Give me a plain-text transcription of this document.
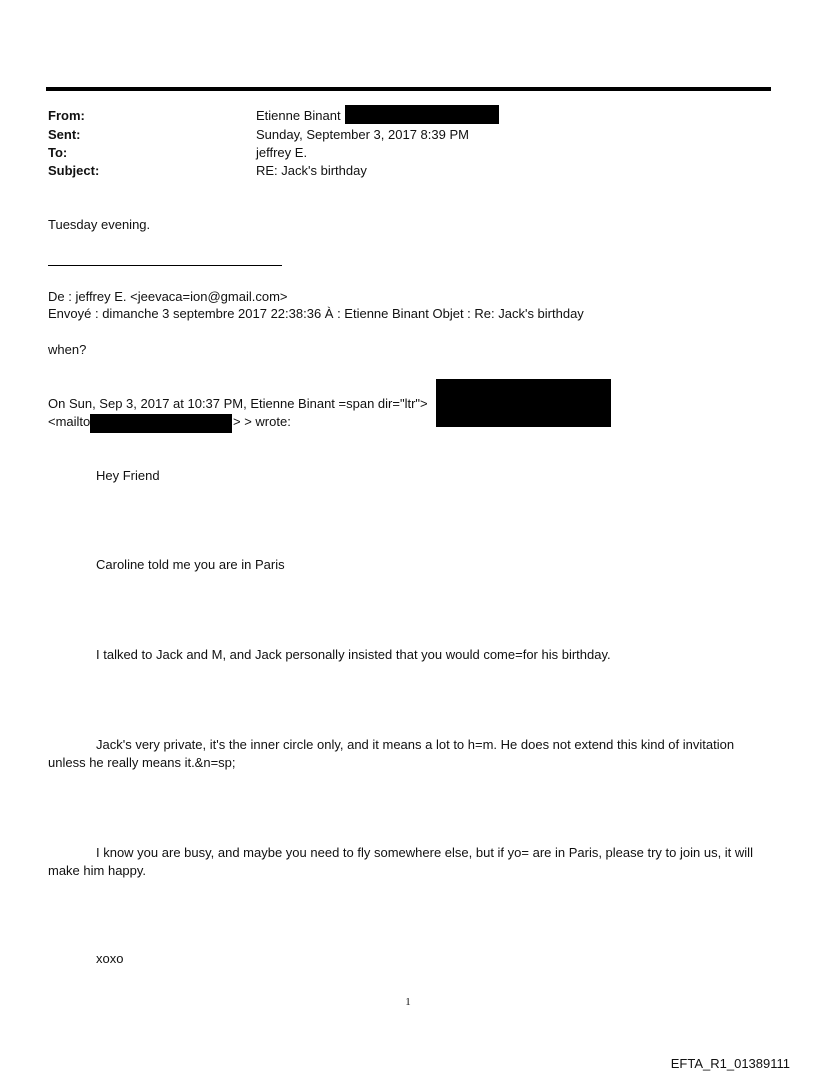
From:	Etienne Binant
Sent:	Sunday, September 3, 2017 8:39 PM
To:	jeffrey E.
Subject:	RE: Jack's birthday
Tuesday evening.
De : jeffrey E. <jeevaca=ion@gmail.com>
Envoyé : dimanche 3 septembre 2017 22:38:36 À : Etienne Binant Objet : Re: Jack's birthday
when?
On Sun, Sep 3, 2017 at 10:37 PM, Etienne Binant =span dir="ltr">
<mailto	> > wrote:
Hey Friend
Caroline told me you are in Paris
I talked to Jack and M, and Jack personally insisted that you would come=for his birthday.
Jack's very private, it's the inner circle only, and it means a lot to h=m. He does not extend this kind of invitation unless he really means it.&n=sp;
I know you are busy, and maybe you need to fly somewhere else, but if yo= are in Paris, please try to join us, it will make him happy.
xoxo
1
EFTA_R1_01389111
